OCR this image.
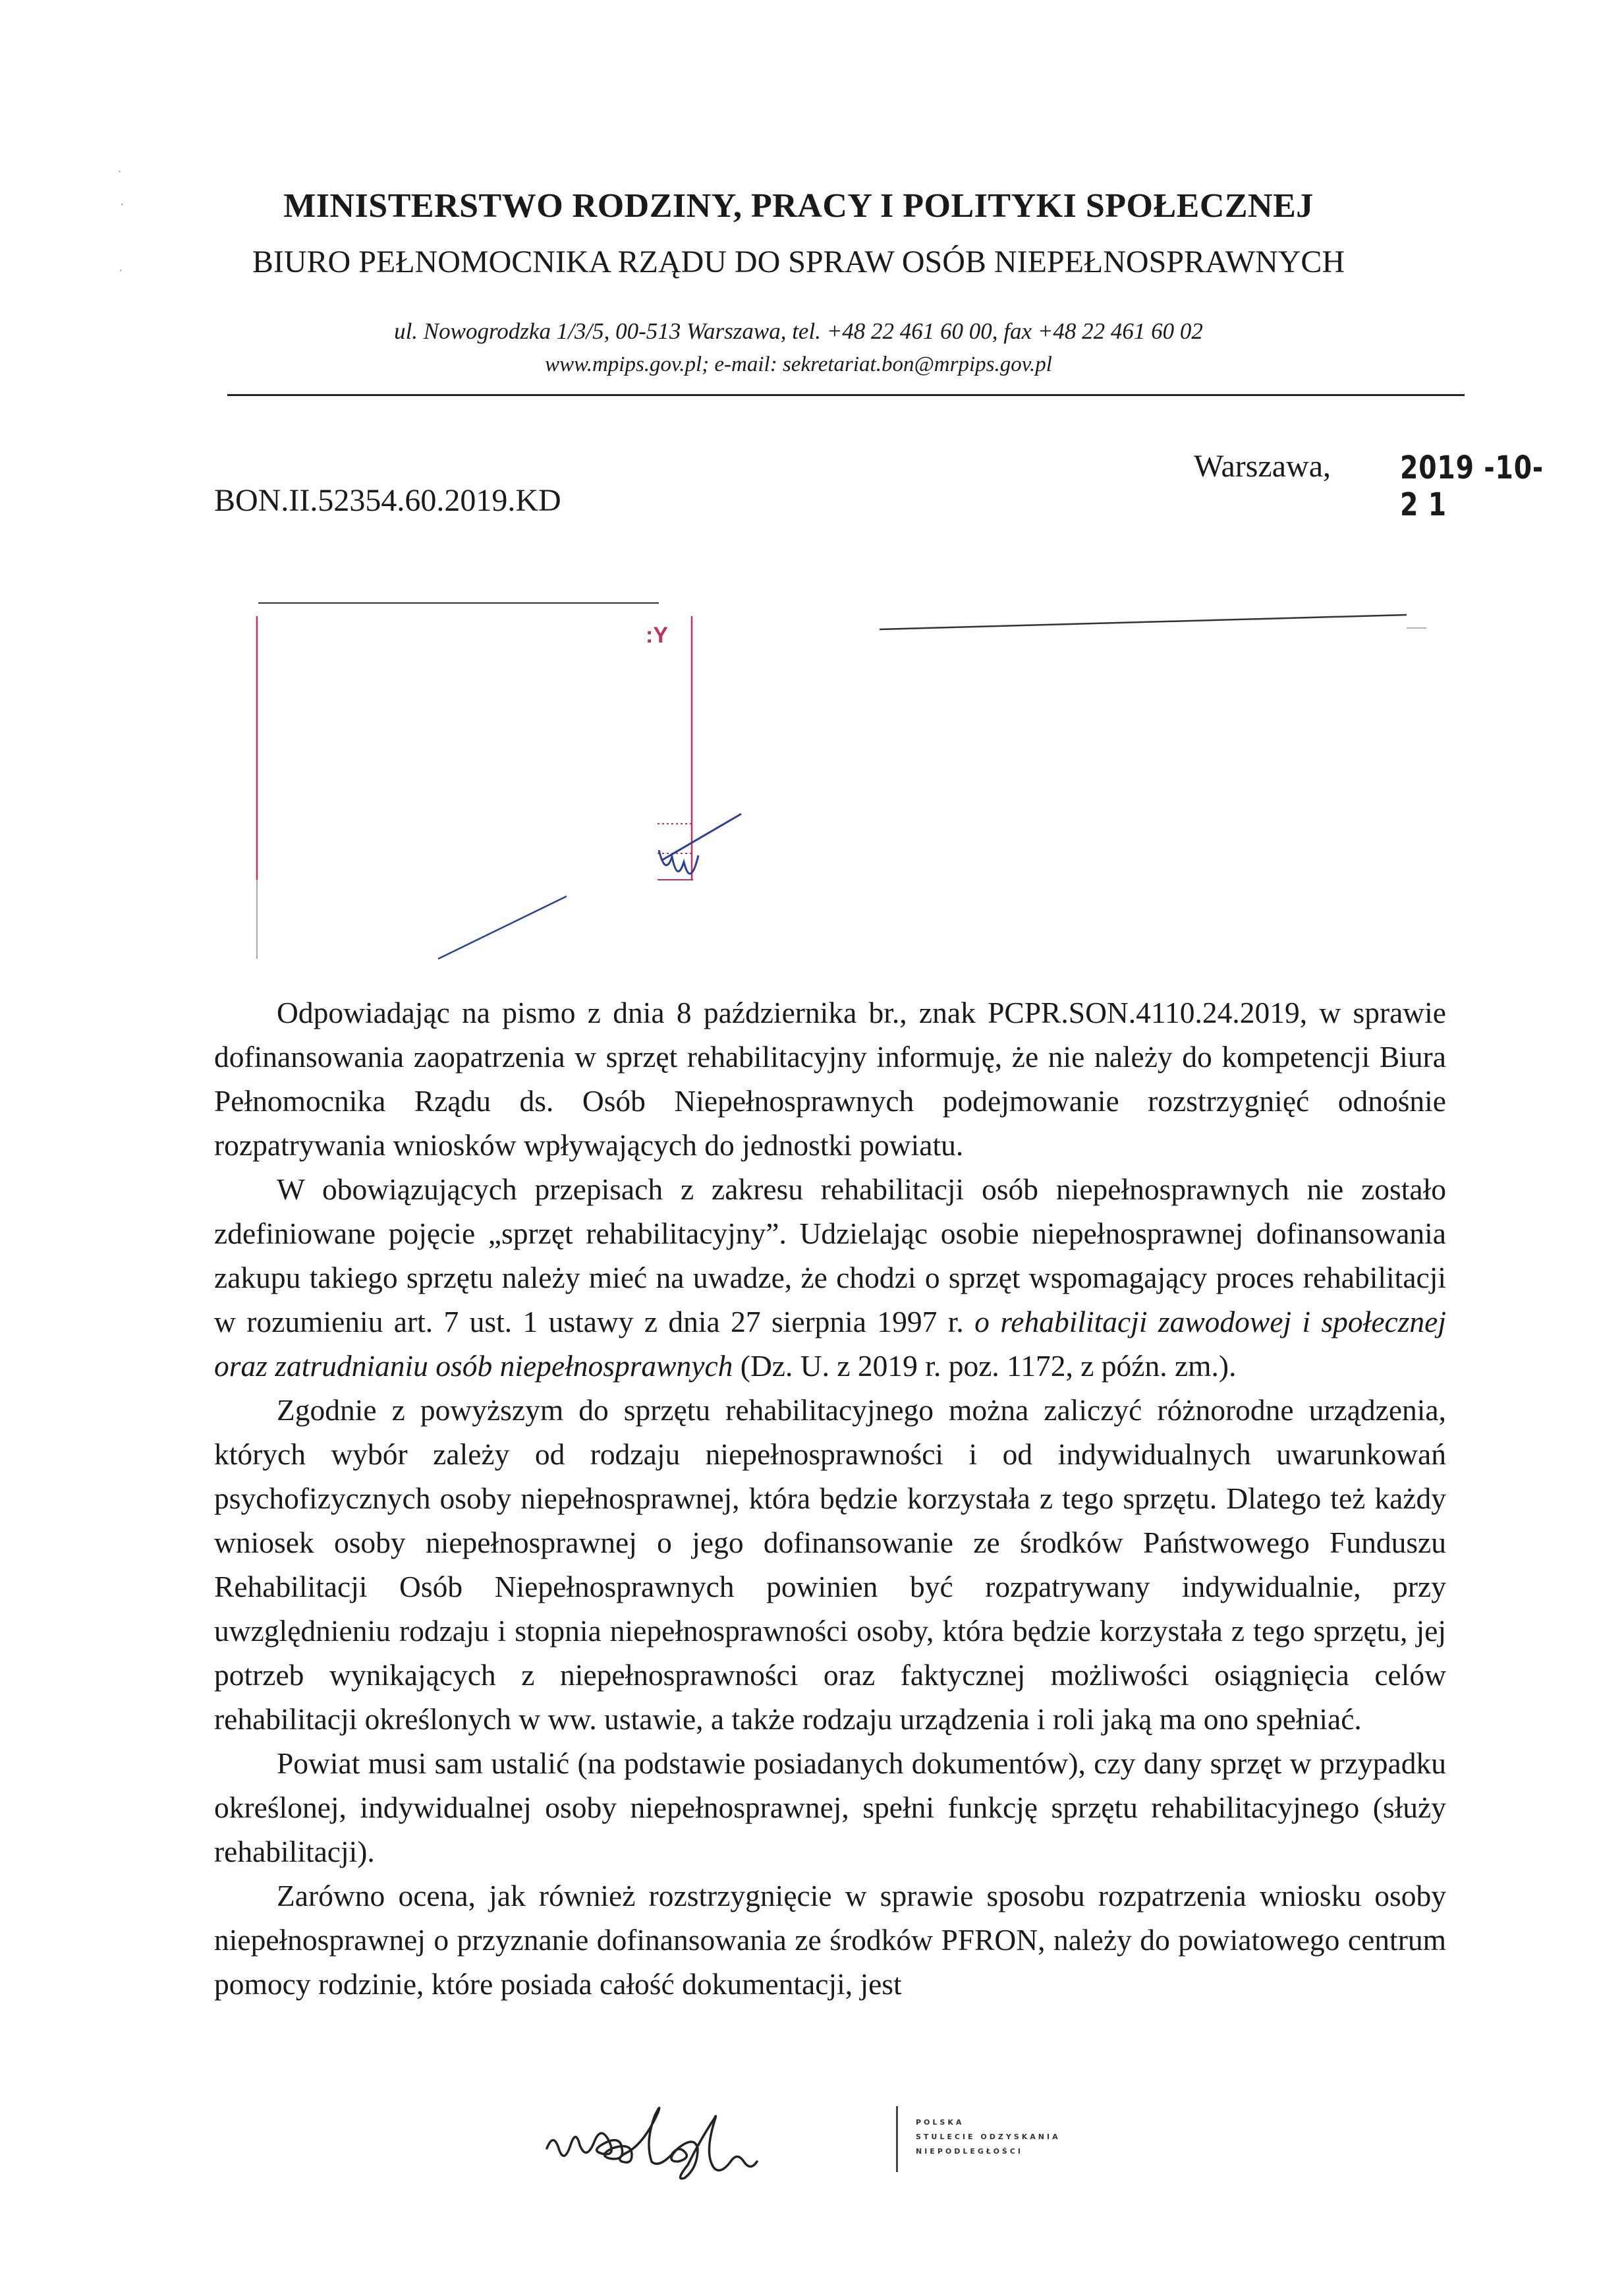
·
·
·
MINISTERSTWO RODZINY, PRACY I POLITYKI SPOŁECZNEJ
BIURO PEŁNOMOCNIKA RZĄDU DO SPRAW OSÓB NIEPEŁNOSPRAWNYCH
ul. Nowogrodzka 1/3/5, 00-513 Warszawa, tel. +48 22 461 60 00, fax +48 22 461 60 02
www.mpips.gov.pl; e-mail: sekretariat.bon@mrpips.gov.pl
Warszawa, 2019 -10- 2 1
BON.II.52354.60.2019.KD
:Y

Odpowiadając na pismo z dnia 8 października br., znak PCPR.SON.4110.24.2019, w sprawie dofinansowania zaopatrzenia w sprzęt rehabilitacyjny informuję, że nie należy do kompetencji Biura Pełnomocnika Rządu ds. Osób Niepełnosprawnych podejmowanie rozstrzygnięć odnośnie rozpatrywania wniosków wpływających do jednostki powiatu.

W obowiązujących przepisach z zakresu rehabilitacji osób niepełnosprawnych nie zostało zdefiniowane pojęcie „sprzęt rehabilitacyjny”. Udzielając osobie niepełnosprawnej dofinansowania zakupu takiego sprzętu należy mieć na uwadze, że chodzi o sprzęt wspomagający proces rehabilitacji w rozumieniu art. 7 ust. 1 ustawy z dnia 27 sierpnia 1997 r. o rehabilitacji zawodowej i społecznej oraz zatrudnianiu osób niepełnosprawnych (Dz. U. z 2019 r. poz. 1172, z późn. zm.).

Zgodnie z powyższym do sprzętu rehabilitacyjnego można zaliczyć różnorodne urządzenia, których wybór zależy od rodzaju niepełnosprawności i od indywidualnych uwarunkowań psychofizycznych osoby niepełnosprawnej, która będzie korzystała z tego sprzętu. Dlatego też każdy wniosek osoby niepełnosprawnej o jego dofinansowanie ze środków Państwowego Funduszu Rehabilitacji Osób Niepełnosprawnych powinien być rozpatrywany indywidualnie, przy uwzględnieniu rodzaju i stopnia niepełnosprawności osoby, która będzie korzystała z tego sprzętu, jej potrzeb wynikających z niepełnosprawności oraz faktycznej możliwości osiągnięcia celów rehabilitacji określonych w ww. ustawie, a także rodzaju urządzenia i roli jaką ma ono spełniać.

Powiat musi sam ustalić (na podstawie posiadanych dokumentów), czy dany sprzęt w przypadku określonej, indywidualnej osoby niepełnosprawnej, spełni funkcję sprzętu rehabilitacyjnego (służy rehabilitacji).

Zarówno ocena, jak również rozstrzygnięcie w sprawie sposobu rozpatrzenia wniosku osoby niepełnosprawnej o przyznanie dofinansowania ze środków PFRON, należy do powiatowego centrum pomocy rodzinie, które posiada całość dokumentacji, jest

niepodległa
POLSKA
STULECIE ODZYSKANIA
NIEPODLEGŁOŚCI
